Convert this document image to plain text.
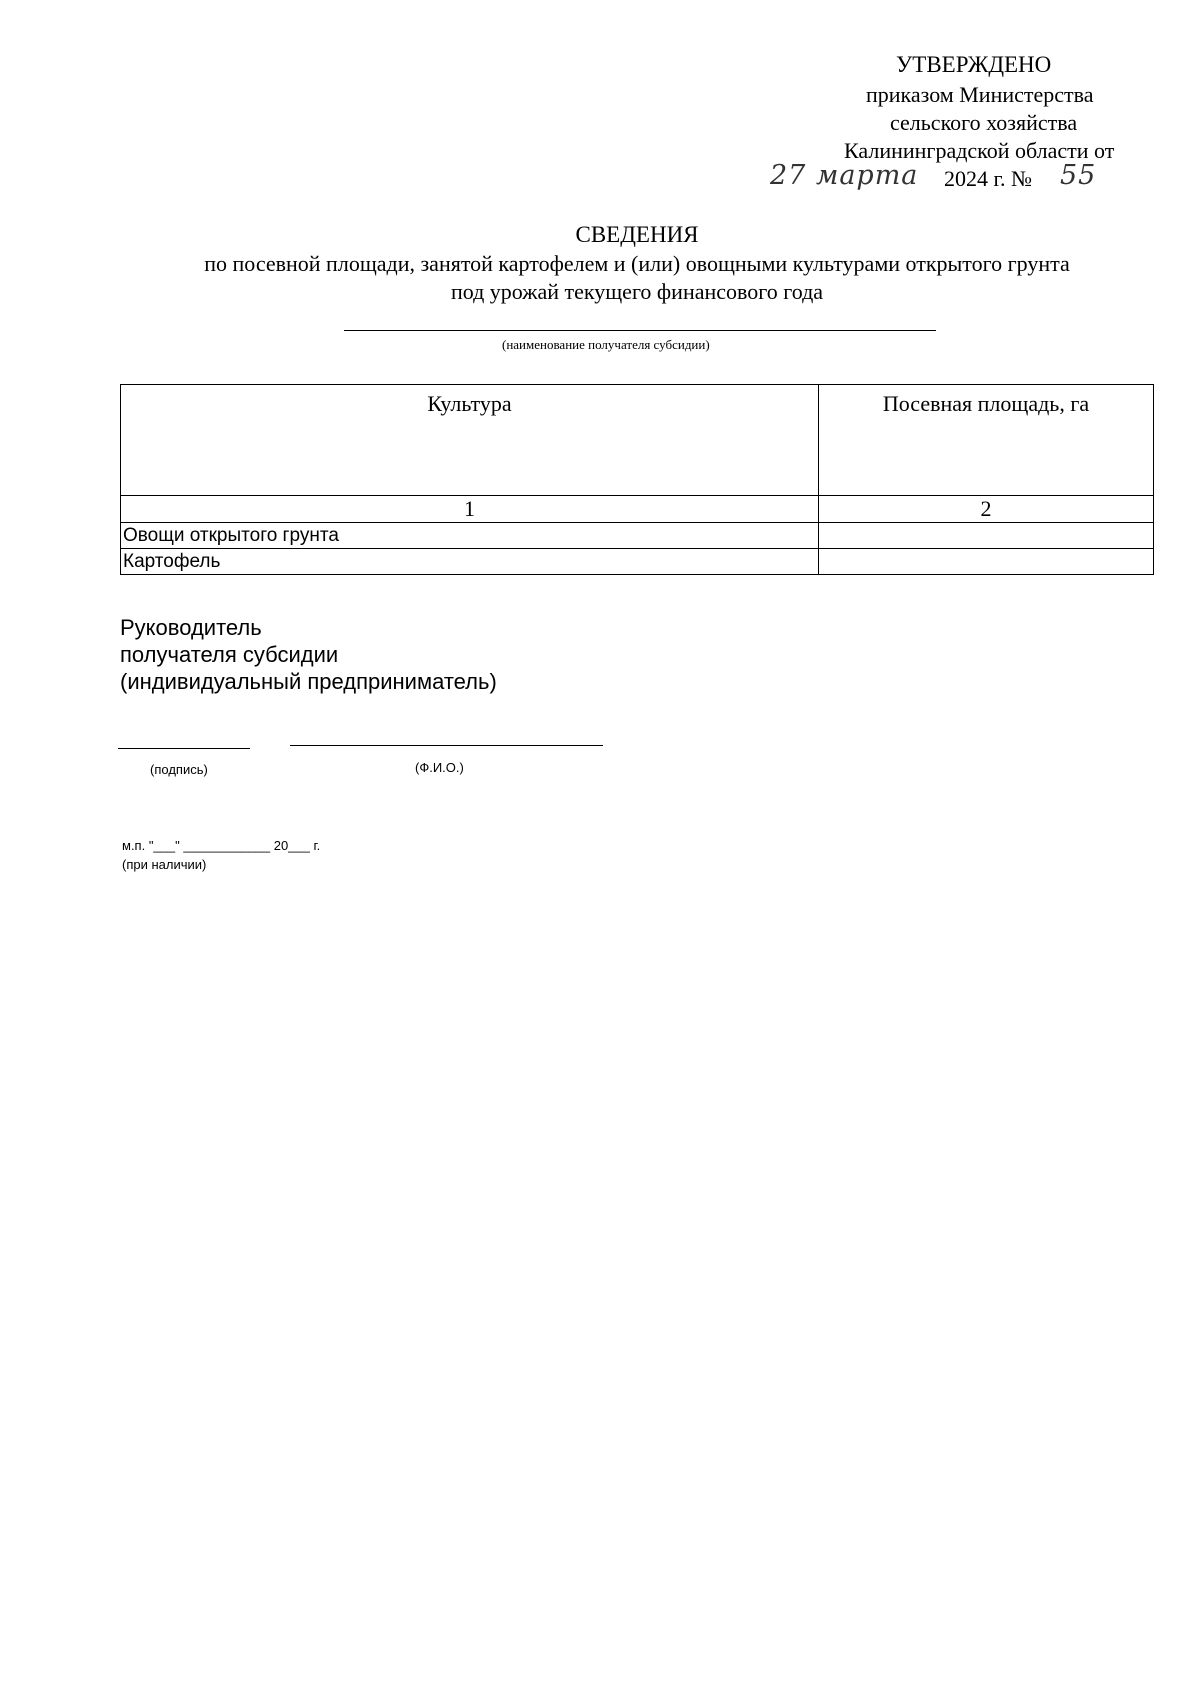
УТВЕРЖДЕНО
приказом Министерства
сельского хозяйства
Калининградской области от
27 марта 2024 г. № 55
СВЕДЕНИЯ
по посевной площади, занятой картофелем и (или) овощными культурами открытого грунта
под урожай текущего финансового года
(наименование получателя субсидии)
Культура	Посевная площадь, га
1	2
Овощи открытого грунта	
Картофель	
Руководитель
получателя субсидии
(индивидуальный предприниматель)
(подпись)	(Ф.И.О.)
м.п. "___" ____________ 20___ г.
(при наличии)
